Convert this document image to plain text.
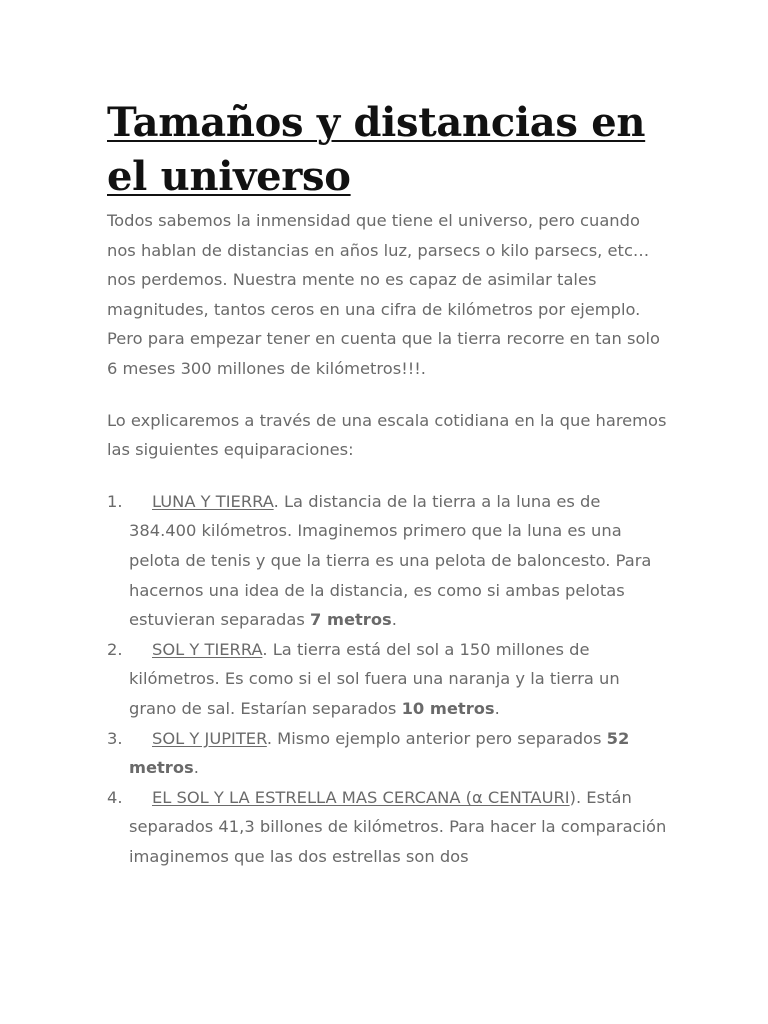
Tamaños y distancias en el universo

Todos sabemos la inmensidad que tiene el universo, pero cuando nos hablan de distancias en años luz, parsecs o kilo parsecs, etc… nos perdemos. Nuestra mente no es capaz de asimilar tales magnitudes, tantos ceros en una cifra de kilómetros por ejemplo. Pero para empezar tener en cuenta que la tierra recorre en tan solo 6 meses 300 millones de kilómetros!!!.

Lo explicaremos a través de una escala cotidiana en la que haremos las siguientes equiparaciones:

1. LUNA Y TIERRA. La distancia de la tierra a la luna es de 384.400 kilómetros. Imaginemos primero que la luna es una pelota de tenis y que la tierra es una pelota de baloncesto. Para hacernos una idea de la distancia, es como si ambas pelotas estuvieran separadas 7 metros.
2. SOL Y TIERRA. La tierra está del sol a 150 millones de kilómetros. Es como si el sol fuera una naranja y la tierra un grano de sal. Estarían separados 10 metros.
3. SOL Y JUPITER. Mismo ejemplo anterior pero separados 52 metros.
4. EL SOL Y LA ESTRELLA MAS CERCANA (α CENTAURI). Están separados 41,3 billones de kilómetros. Para hacer la comparación imaginemos que las dos estrellas son dos
